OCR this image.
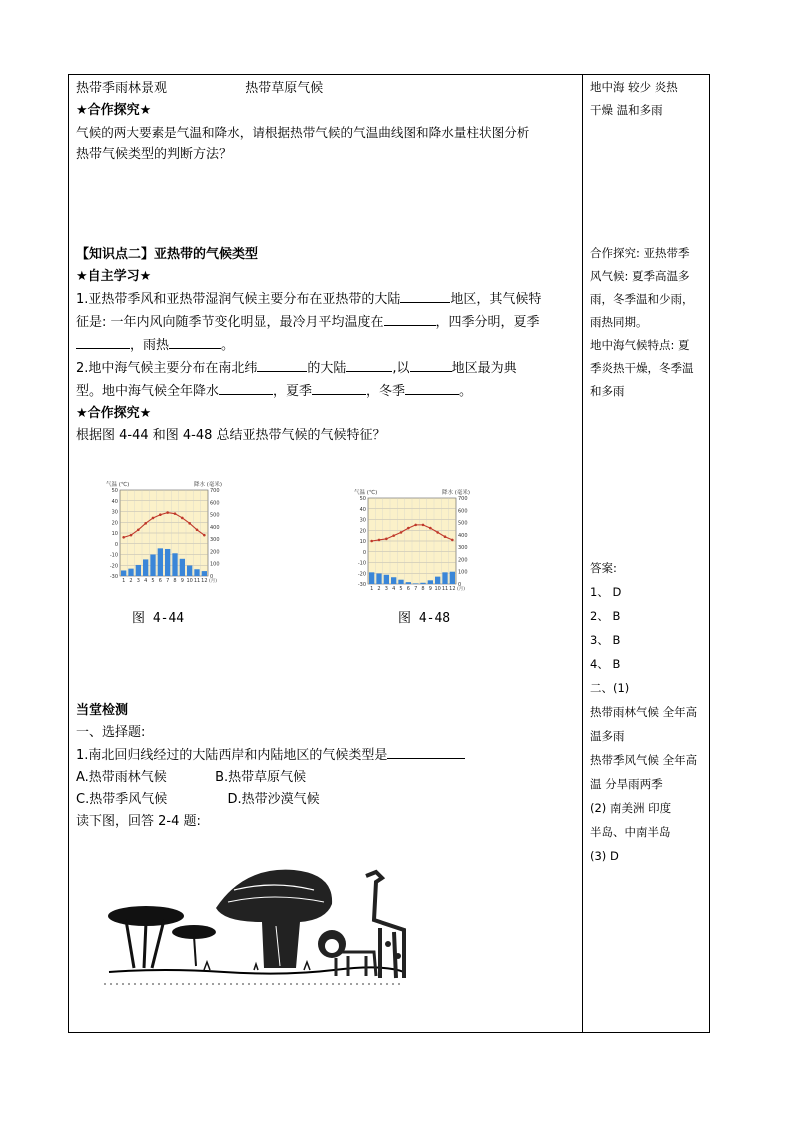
热带季雨林景观	热带草原气候
★合作探究★
气候的两大要素是气温和降水，请根据热带气候的气温曲线图和降水量柱状图分析
热带气候类型的判断方法？
【知识点二】亚热带的气候类型
★自主学习★
1.亚热带季风和亚热带湿润气候主要分布在亚热带的大陆	地区，其气候特
征是: 一年内风向随季节变化明显，最冷月平均温度在	，四季分明，夏季
，雨热	。
2.地中海气候主要分布在南北纬	的大陆	,以	地区最为典
型。地中海气候全年降水	，夏季	，冬季	。
★合作探究★
根据图 4-44 和图 4-48 总结亚热带气候的气候特征？
气温 (℃)	降水 (毫米)
50
40
30
20
10
0
-10
-20
-30
700
600
500
400
300
200
100
0
1 2 3 4 5 6 7 8 9 10 11 12 (月)
气温 (℃)	降水 (毫米)
50
40
30
20
10
0
-10
-20
-30
700
600
500
400
300
200
100
0
1 2 3 4 5 6 7 8 9 10 11 12 (月)
图 4-44	图 4-48
当堂检测
一、选择题:
1.南北回归线经过的大陆西岸和内陆地区的气候类型是
A.热带雨林气候	B.热带草原气候
C.热带季风气候	D.热带沙漠气候
读下图，回答 2-4 题:
地中海 较少 炎热
干燥 温和多雨
合作探究: 亚热带季
风气候: 夏季高温多
雨，冬季温和少雨，
雨热同期。
地中海气候特点: 夏
季炎热干燥，冬季温
和多雨
答案:
1、 D
2、 B
3、 B
4、 B
二、(1)
热带雨林气候 全年高
温多雨
热带季风气候 全年高
温 分旱雨两季
(2) 南美洲 印度
半岛、中南半岛
(3) D
